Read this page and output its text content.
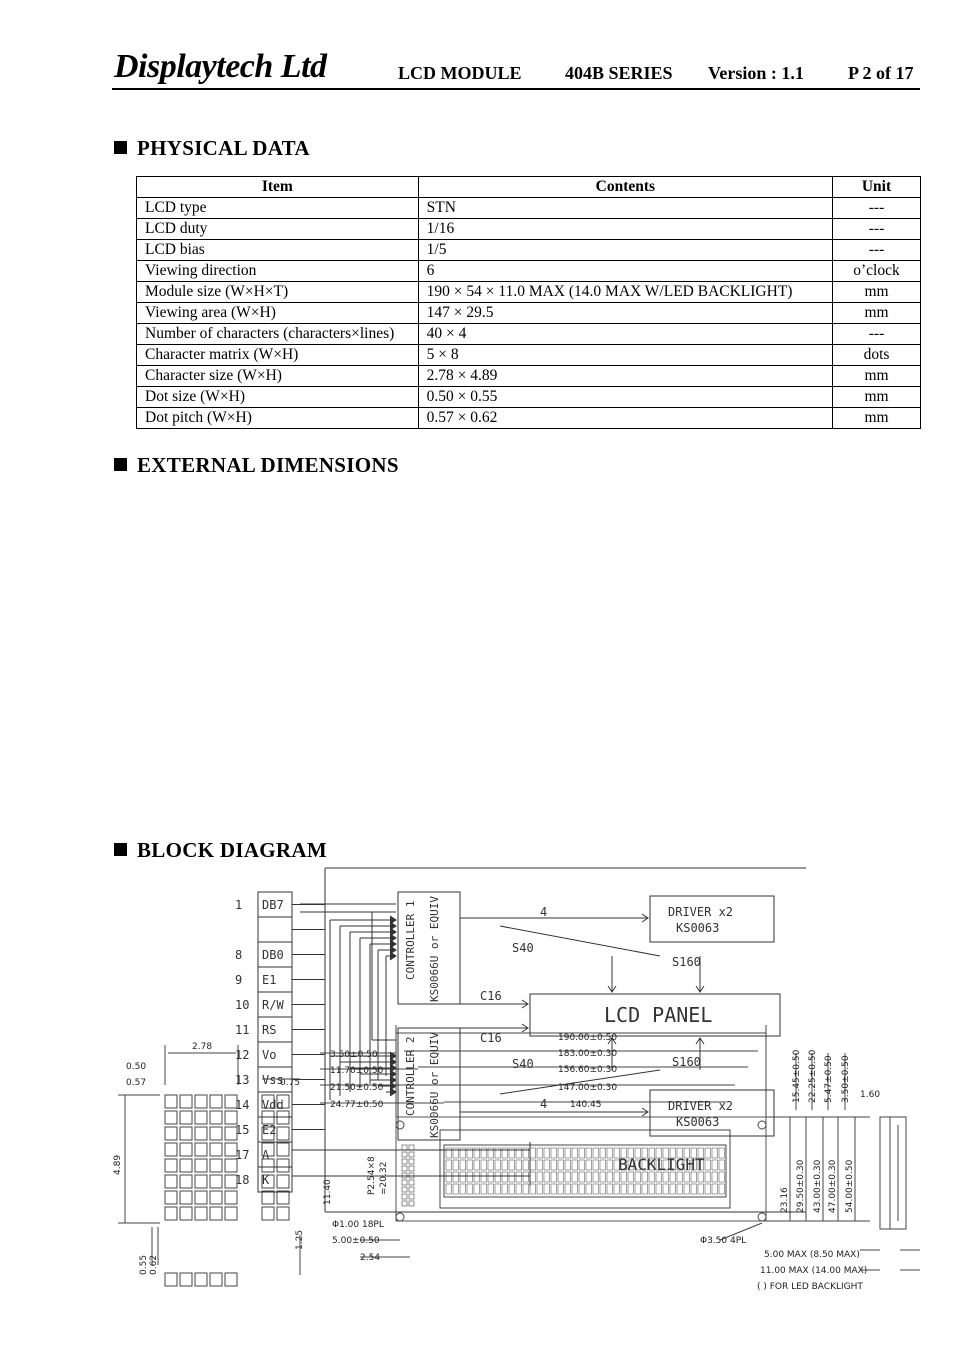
Displaytech Ltd	LCD MODULE 404B SERIES Version : 1.1 P 2 of 17
PHYSICAL DATA
Item	Contents	Unit
LCD type	STN	---
LCD duty	1/16	---
LCD bias	1/5	---
Viewing direction	6	o’clock
Module size (W×H×T)	190 × 54 × 11.0 MAX (14.0 MAX W/LED BACKLIGHT)	mm
Viewing area (W×H)	147 × 29.5	mm
Number of characters (characters×lines)	40 × 4	---
Character matrix (W×H)	5 × 8	dots
Character size (W×H)	2.78 × 4.89	mm
Dot size (W×H)	0.50 × 0.55	mm
Dot pitch (W×H)	0.57 × 0.62	mm
EXTERNAL DIMENSIONS
2.78
0.50
0.57	0.75
4.89
0.55 0.62
1.25
3.50±0.50
11.70±0.50
21.50±0.50
24.77±0.50
190.00±0.50
183.00±0.30
156.60±0.30
147.00±0.30
140.45
15.45±0.50 22.25±0.50 5.47±0.50 3.50±0.50 1.60
23.16 29.50±0.30 43.00±0.30 47.00±0.30 54.00±0.50
P2.54×8 =20.32
11.40
Φ1.00 18PL
5.00±0.50
2.54
Φ3.50 4PL
5.00 MAX (8.50 MAX)
11.00 MAX (14.00 MAX)
( ) FOR LED BACKLIGHT
BLOCK DIAGRAM
CONTROLLER 1 KS0066U or EQUIV
CONTROLLER 2 KS0066U or EQUIV
DRIVER x2
KS0063
DRIVER x2
KS0063
LCD PANEL
BACKLIGHT
4
S40
S160
C16
C16
S40	S160
4
1 DB7
8 DB0
9 E1
10 R/W
11 RS
12 Vo
13 Vss
14 Vdd
15 E2
17 A
18 K
